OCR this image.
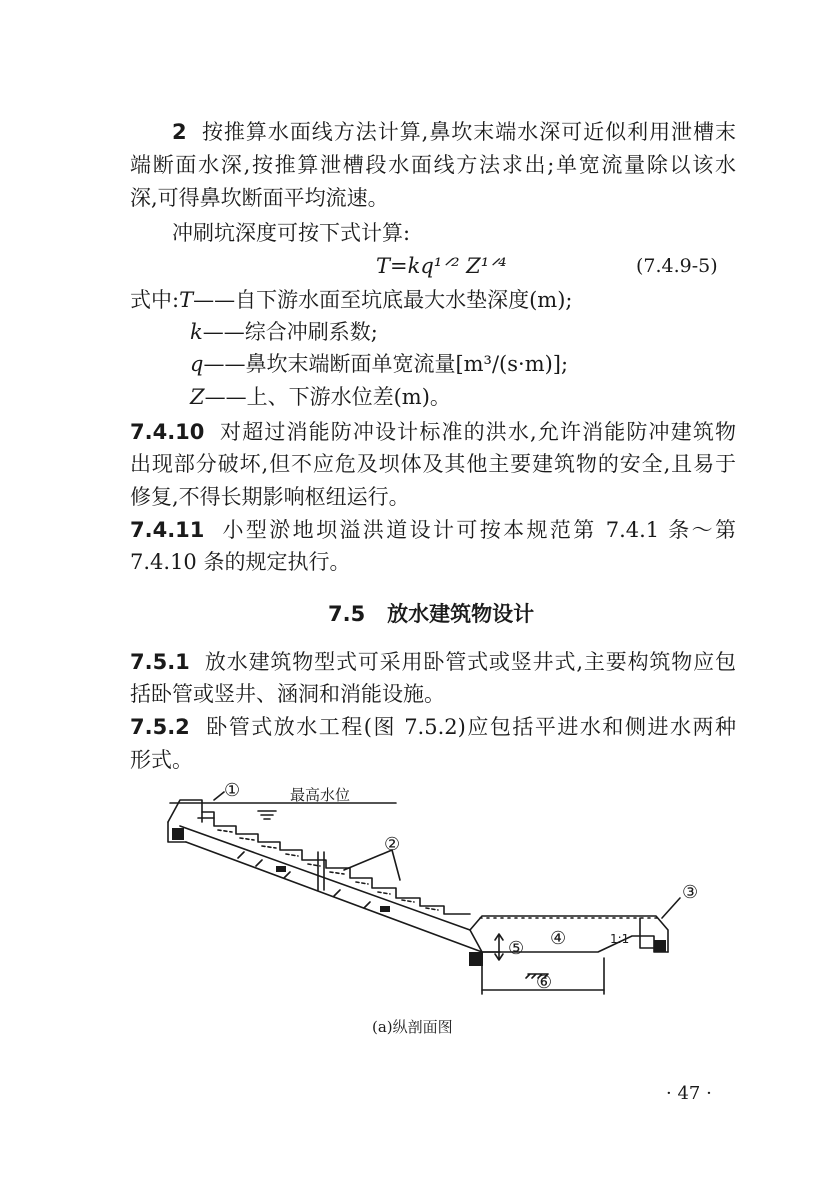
2 按推算水面线方法计算,鼻坎末端水深可近似利用泄槽末
端断面水深,按推算泄槽段水面线方法求出;单宽流量除以该水
深,可得鼻坎断面平均流速。
冲刷坑深度可按下式计算:
T=kq¹ᐟ² Z¹ᐟ⁴	(7.4.9-5)
式中:T——自下游水面至坑底最大水垫深度(m);
k——综合冲刷系数;
q——鼻坎末端断面单宽流量[m³/(s·m)];
Z——上、下游水位差(m)。
7.4.10 对超过消能防冲设计标准的洪水,允许消能防冲建筑物
出现部分破坏,但不应危及坝体及其他主要建筑物的安全,且易于
修复,不得长期影响枢纽运行。
7.4.11 小型淤地坝溢洪道设计可按本规范第 7.4.1 条～第
7.4.10 条的规定执行。
7.5 放水建筑物设计
7.5.1 放水建筑物型式可采用卧管式或竖井式,主要构筑物应包
括卧管或竖井、涵洞和消能设施。
7.5.2 卧管式放水工程(图 7.5.2)应包括平进水和侧进水两种
形式。
①	最高水位
②
③
④
⑤
⑥
1:1
(a)纵剖面图
· 47 ·
